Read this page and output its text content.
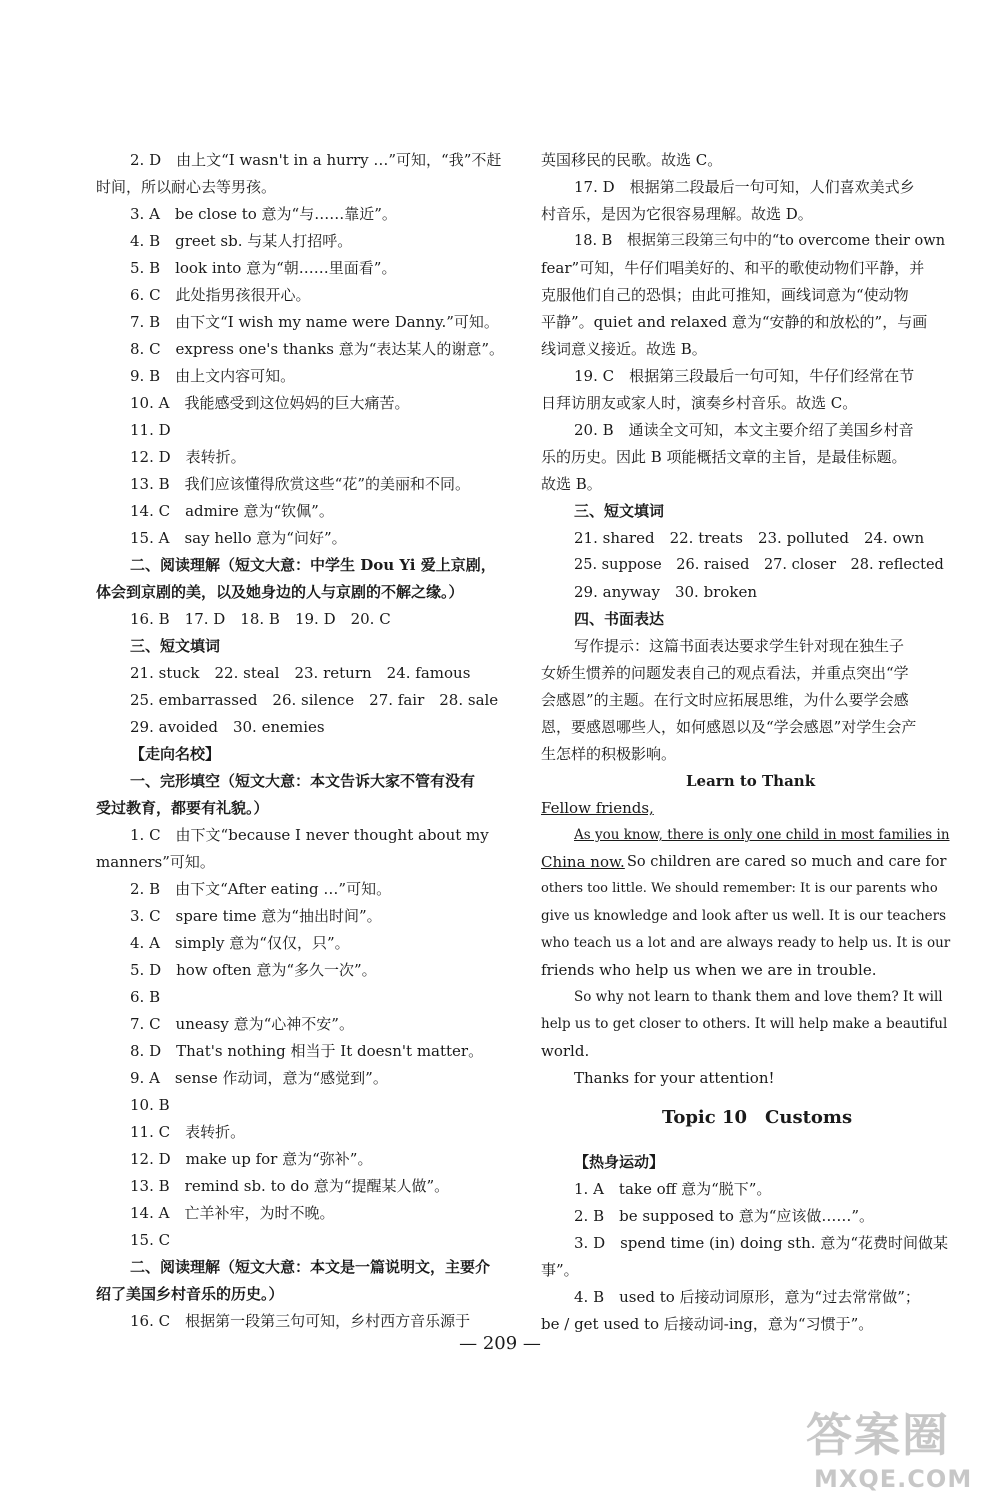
2. D　由上文“I wasn't in a hurry …”可知，“我”不赶
时间，所以耐心去等男孩。
3. A　be close to 意为“与……靠近”。
4. B　greet sb. 与某人打招呼。
5. B　look into 意为“朝……里面看”。
6. C　此处指男孩很开心。
7. B　由下文“I wish my name were Danny.”可知。
8. C　express one's thanks 意为“表达某人的谢意”。
9. B　由上文内容可知。
10. A　我能感受到这位妈妈的巨大痛苦。
11. D
12. D　表转折。
13. B　我们应该懂得欣赏这些“花”的美丽和不同。
14. C　admire 意为“钦佩”。
15. A　say hello 意为“问好”。
二、阅读理解（短文大意：中学生 Dou Yi 爱上京剧，
体会到京剧的美，以及她身边的人与京剧的不解之缘。）
16. B　17. D　18. B　19. D　20. C
三、短文填词
21. stuck　22. steal　23. return　24. famous
25. embarrassed　26. silence　27. fair　28. sale
29. avoided　30. enemies
【走向名校】
一、完形填空（短文大意：本文告诉大家不管有没有
受过教育，都要有礼貌。）
1. C　由下文“because I never thought about my
manners”可知。
2. B　由下文“After eating …”可知。
3. C　spare time 意为“抽出时间”。
4. A　simply 意为“仅仅，只”。
5. D　how often 意为“多久一次”。
6. B
7. C　uneasy 意为“心神不安”。
8. D　That's nothing 相当于 It doesn't matter。
9. A　sense 作动词，意为“感觉到”。
10. B
11. C　表转折。
12. D　make up for 意为“弥补”。
13. B　remind sb. to do 意为“提醒某人做”。
14. A　亡羊补牢，为时不晚。
15. C
二、阅读理解（短文大意：本文是一篇说明文，主要介
绍了美国乡村音乐的历史。）
16. C　根据第一段第三句可知，乡村西方音乐源于
英国移民的民歌。故选 C。
17. D　根据第二段最后一句可知，人们喜欢美式乡
村音乐，是因为它很容易理解。故选 D。
18. B　根据第三段第三句中的“to overcome their own
fear”可知，牛仔们唱美好的、和平的歌使动物们平静，并
克服他们自己的恐惧；由此可推知，画线词意为“使动物
平静”。quiet and relaxed 意为“安静的和放松的”，与画
线词意义接近。故选 B。
19. C　根据第三段最后一句可知，牛仔们经常在节
日拜访朋友或家人时，演奏乡村音乐。故选 C。
20. B　通读全文可知，本文主要介绍了美国乡村音
乐的历史。因此 B 项能概括文章的主旨，是最佳标题。
故选 B。
三、短文填词
21. shared　22. treats　23. polluted　24. own
25. suppose　26. raised　27. closer　28. reflected
29. anyway　30. broken
四、书面表达
写作提示：这篇书面表达要求学生针对现在独生子
女娇生惯养的问题发表自己的观点看法，并重点突出“学
会感恩”的主题。在行文时应拓展思维，为什么要学会感
恩，要感恩哪些人，如何感恩以及“学会感恩”对学生会产
生怎样的积极影响。
Learn to Thank
Fellow friends,
As you know, there is only one child in most families in
China now. So children are cared so much and care for
others too little. We should remember: It is our parents who
give us knowledge and look after us well. It is our teachers
who teach us a lot and are always ready to help us. It is our
friends who help us when we are in trouble.
So why not learn to thank them and love them? It will
help us to get closer to others. It will help make a beautiful
world.
Thanks for your attention!
Topic 10　Customs
【热身运动】
1. A　take off 意为“脱下”。
2. B　be supposed to 意为“应该做……”。
3. D　spend time (in) doing sth. 意为“花费时间做某
事”。
4. B　used to 后接动词原形，意为“过去常常做”；
be / get used to 后接动词-ing，意为“习惯于”。
— 209 —
答案圈
MXQE.COM
